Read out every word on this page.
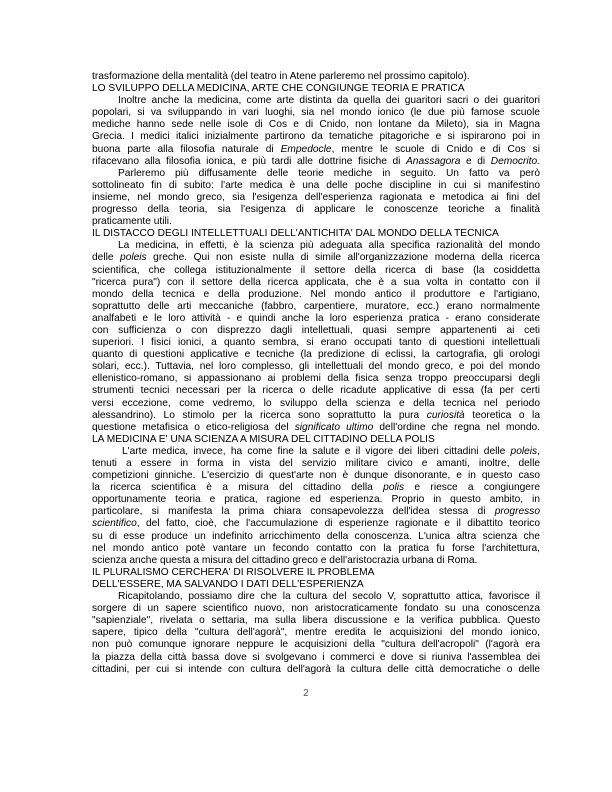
trasformazione della mentalità (del teatro in Atene parleremo nel prossimo capitolo).
LO SVILUPPO DELLA MEDICINA, ARTE CHE CONGIUNGE TEORIA E PRATICA
Inoltre anche la medicina, come arte distinta da quella dei guaritori sacri o dei guaritori
popolari, si va sviluppando in vari luoghi, sia nel mondo ionico (le due più famose scuole
mediche hanno sede nelle isole di Cos e di Cnido, non lontane da Mileto), sia in Magna
Grecia. I medici italici inizialmente partirono da tematiche pitagoriche e si ispirarono poi in
buona parte alla filosofia naturale di Empedocle, mentre le scuole di Cnido e di Cos si
rifacevano alla filosofia ionica, e più tardi alle dottrine fisiche di Anassagora e di Democrito.
Parleremo più diffusamente delle teorie mediche in seguito. Un fatto va però
sottolineato fin di subito: l'arte medica è una delle poche discipline in cui si manifestino
insieme, nel mondo greco, sia l'esigenza dell'esperienza ragionata e metodica ai fini del
progresso della teoria, sia l'esigenza di applicare le conoscenze teoriche a finalità
praticamente utili.
IL DISTACCO DEGLI INTELLETTUALI DELL'ANTICHITA' DAL MONDO DELLA TECNICA
La medicina, in effetti, è la scienza più adeguata alla specifica razionalità del mondo
delle poleis greche. Qui non esiste nulla di simile all'organizzazione moderna della ricerca
scientifica, che collega istituzionalmente il settore della ricerca di base (la cosiddetta
"ricerca pura") con il settore della ricerca applicata, che è a sua volta in contatto con il
mondo della tecnica e della produzione. Nel mondo antico il produttore e l'artigiano,
soprattutto delle arti meccaniche (fabbro, carpentiere, muratore, ecc.) erano normalmente
analfabeti e le loro attività - e quindi anche la loro esperienza pratica - erano considerate
con sufficienza o con disprezzo dagli intellettuali, quasi sempre appartenenti ai ceti
superiori. I fisici ionici, a quanto sembra, si erano occupati tanto di questioni intellettuali
quanto di questioni applicative e tecniche (la predizione di eclissi, la cartografia, gli orologi
solari, ecc.). Tuttavia, nel loro complesso, gli intellettuali del mondo greco, e poi del mondo
ellenistico-romano, si appassionano ai problemi della fisica senza troppo preoccuparsi degli
strumenti tecnici necessari per la ricerca o delle ricadute applicative di essa (fa per certi
versi eccezione, come vedremo, lo sviluppo della scienza e della tecnica nel periodo
alessandrino). Lo stimolo per la ricerca sono soprattutto la pura curiosità teoretica o la
questione metafisica o etico-religiosa del significato ultimo dell'ordine che regna nel mondo.
LA MEDICINA E' UNA SCIENZA A MISURA DEL CITTADINO DELLA POLIS
L'arte medica, invece, ha come fine la salute e il vigore dei liberi cittadini delle poleis,
tenuti a essere in forma in vista del servizio militare civico e amanti, inoltre, delle
competizioni ginniche. L'esercizio di quest'arte non è dunque disonorante, e in questo caso
la ricerca scientifica è a misura del cittadino della polis e riesce a congiungere
opportunamente teoria e pratica, ragione ed esperienza. Proprio in questo ambito, in
particolare, si manifesta la prima chiara consapevolezza dell'idea stessa di progresso
scientifico, del fatto, cioè, che l'accumulazione di esperienze ragionate e il dibattito teorico
su di esse produce un indefinito arricchimento della conoscenza. L'unica altra scienza che
nel mondo antico potè vantare un fecondo contatto con la pratica fu forse l'architettura,
scienza anche questa a misura del cittadino greco e dell'aristocrazia urbana di Roma.
IL PLURALISMO CERCHERA' DI RISOLVERE IL PROBLEMA
DELL'ESSERE, MA SALVANDO I DATI DELL'ESPERIENZA
Ricapitolando, possiamo dire che la cultura del secolo V, soprattutto attica, favorisce il
sorgere di un sapere scientifico nuovo, non aristocraticamente fondato su una conoscenza
"sapienziale", rivelata o settaria, ma sulla libera discussione e la verifica pubblica. Questo
sapere, tipico della "cultura dell'agorà", mentre eredita le acquisizioni del mondo ionico,
non può comunque ignorare neppure le acquisizioni della "cultura dell'acropoli" (l'agorà era
la piazza della città bassa dove si svolgevano i commerci e dove si riuniva l'assemblea dei
cittadini, per cui si intende con cultura dell'agorà la cultura delle città democratiche o delle
2
